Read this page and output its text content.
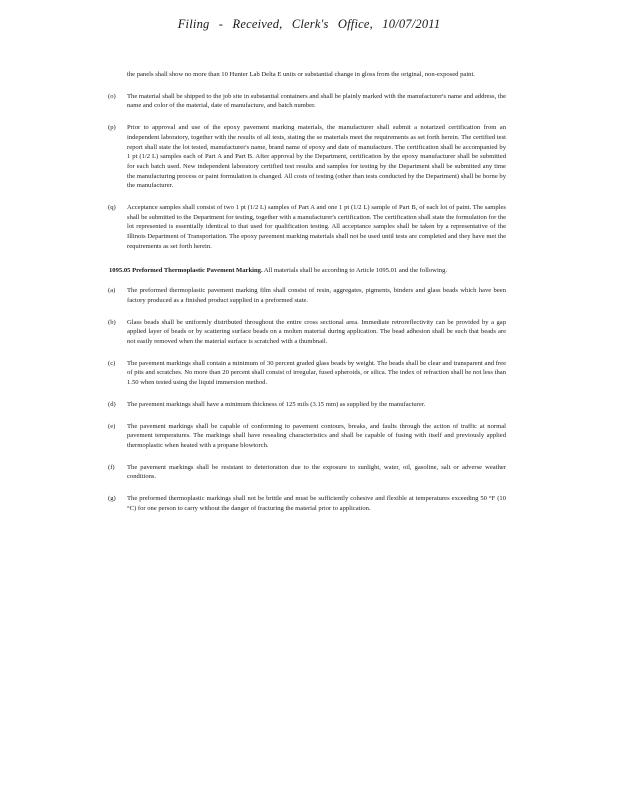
Filing - Received, Clerk's Office, 10/07/2011
the panels shall show no more than 10 Hunter Lab Delta E units or substantial change in gloss from the original, non-exposed paint.
(o) The material shall be shipped to the job site in substantial containers and shall be plainly marked with the manufacturer's name and address, the name and color of the material, date of manufacture, and batch number.
(p) Prior to approval and use of the epoxy pavement marking materials, the manufacturer shall submit a notarized certification from an independent laboratory, together with the results of all tests, stating the se materials meet the requirements as set forth herein. The certified test report shall state the lot tested, manufacturer's name, brand name of epoxy and date of manufacture. The certification shall be accompanied by 1 pt (1/2 L) samples each of Part A and Part B. After approval by the Department, certification by the epoxy manufacturer shall be submitted for each batch used. New independent laboratory certified test results and samples for testing by the Department shall be submitted any time the manufacturing process or paint formulation is changed. All costs of testing (other than tests conducted by the Department) shall be borne by the manufacturer.
(q) Acceptance samples shall consist of two 1 pt (1/2 L) samples of Part A and one 1 pt (1/2 L) sample of Part B, of each lot of paint. The samples shall be submitted to the Department for testing, together with a manufacturer's certification. The certification shall state the formulation for the lot represented is essentially identical to that used for qualification testing. All acceptance samples shall be taken by a representative of the Illinois Department of Transportation. The epoxy pavement marking materials shall not be used until tests are completed and they have met the requirements as set forth herein.
1095.05 Preformed Thermoplastic Pavement Marking. All materials shall be according to Article 1095.01 and the following.
(a) The preformed thermoplastic pavement marking film shall consist of resin, aggregates, pigments, binders and glass beads which have been factory produced as a finished product supplied in a preformed state.
(b) Glass beads shall be uniformly distributed throughout the entire cross sectional area. Immediate retroreflectivity can be provided by a gap applied layer of beads or by scattering surface beads on a molten material during application. The bead adhesion shall be such that beads are not easily removed when the material surface is scratched with a thumbnail.
(c) The pavement markings shall contain a minimum of 30 percent graded glass beads by weight. The beads shall be clear and transparent and free of pits and scratches. No more than 20 percent shall consist of irregular, fused spheroids, or silica. The index of refraction shall be not less than 1.50 when tested using the liquid immersion method.
(d) The pavement markings shall have a minimum thickness of 125 mils (3.15 mm) as supplied by the manufacturer.
(e) The pavement markings shall be capable of conforming to pavement contours, breaks, and faults through the action of traffic at normal pavement temperatures. The markings shall have resealing characteristics and shall be capable of fusing with itself and previously applied thermoplastic when heated with a propane blowtorch.
(f) The pavement markings shall be resistant to deterioration due to the exposure to sunlight, water, oil, gasoline, salt or adverse weather conditions.
(g) The preformed thermoplastic markings shall not be brittle and must be sufficiently cohesive and flexible at temperatures exceeding 50 °F (10 °C) for one person to carry without the danger of fracturing the material prior to application.
